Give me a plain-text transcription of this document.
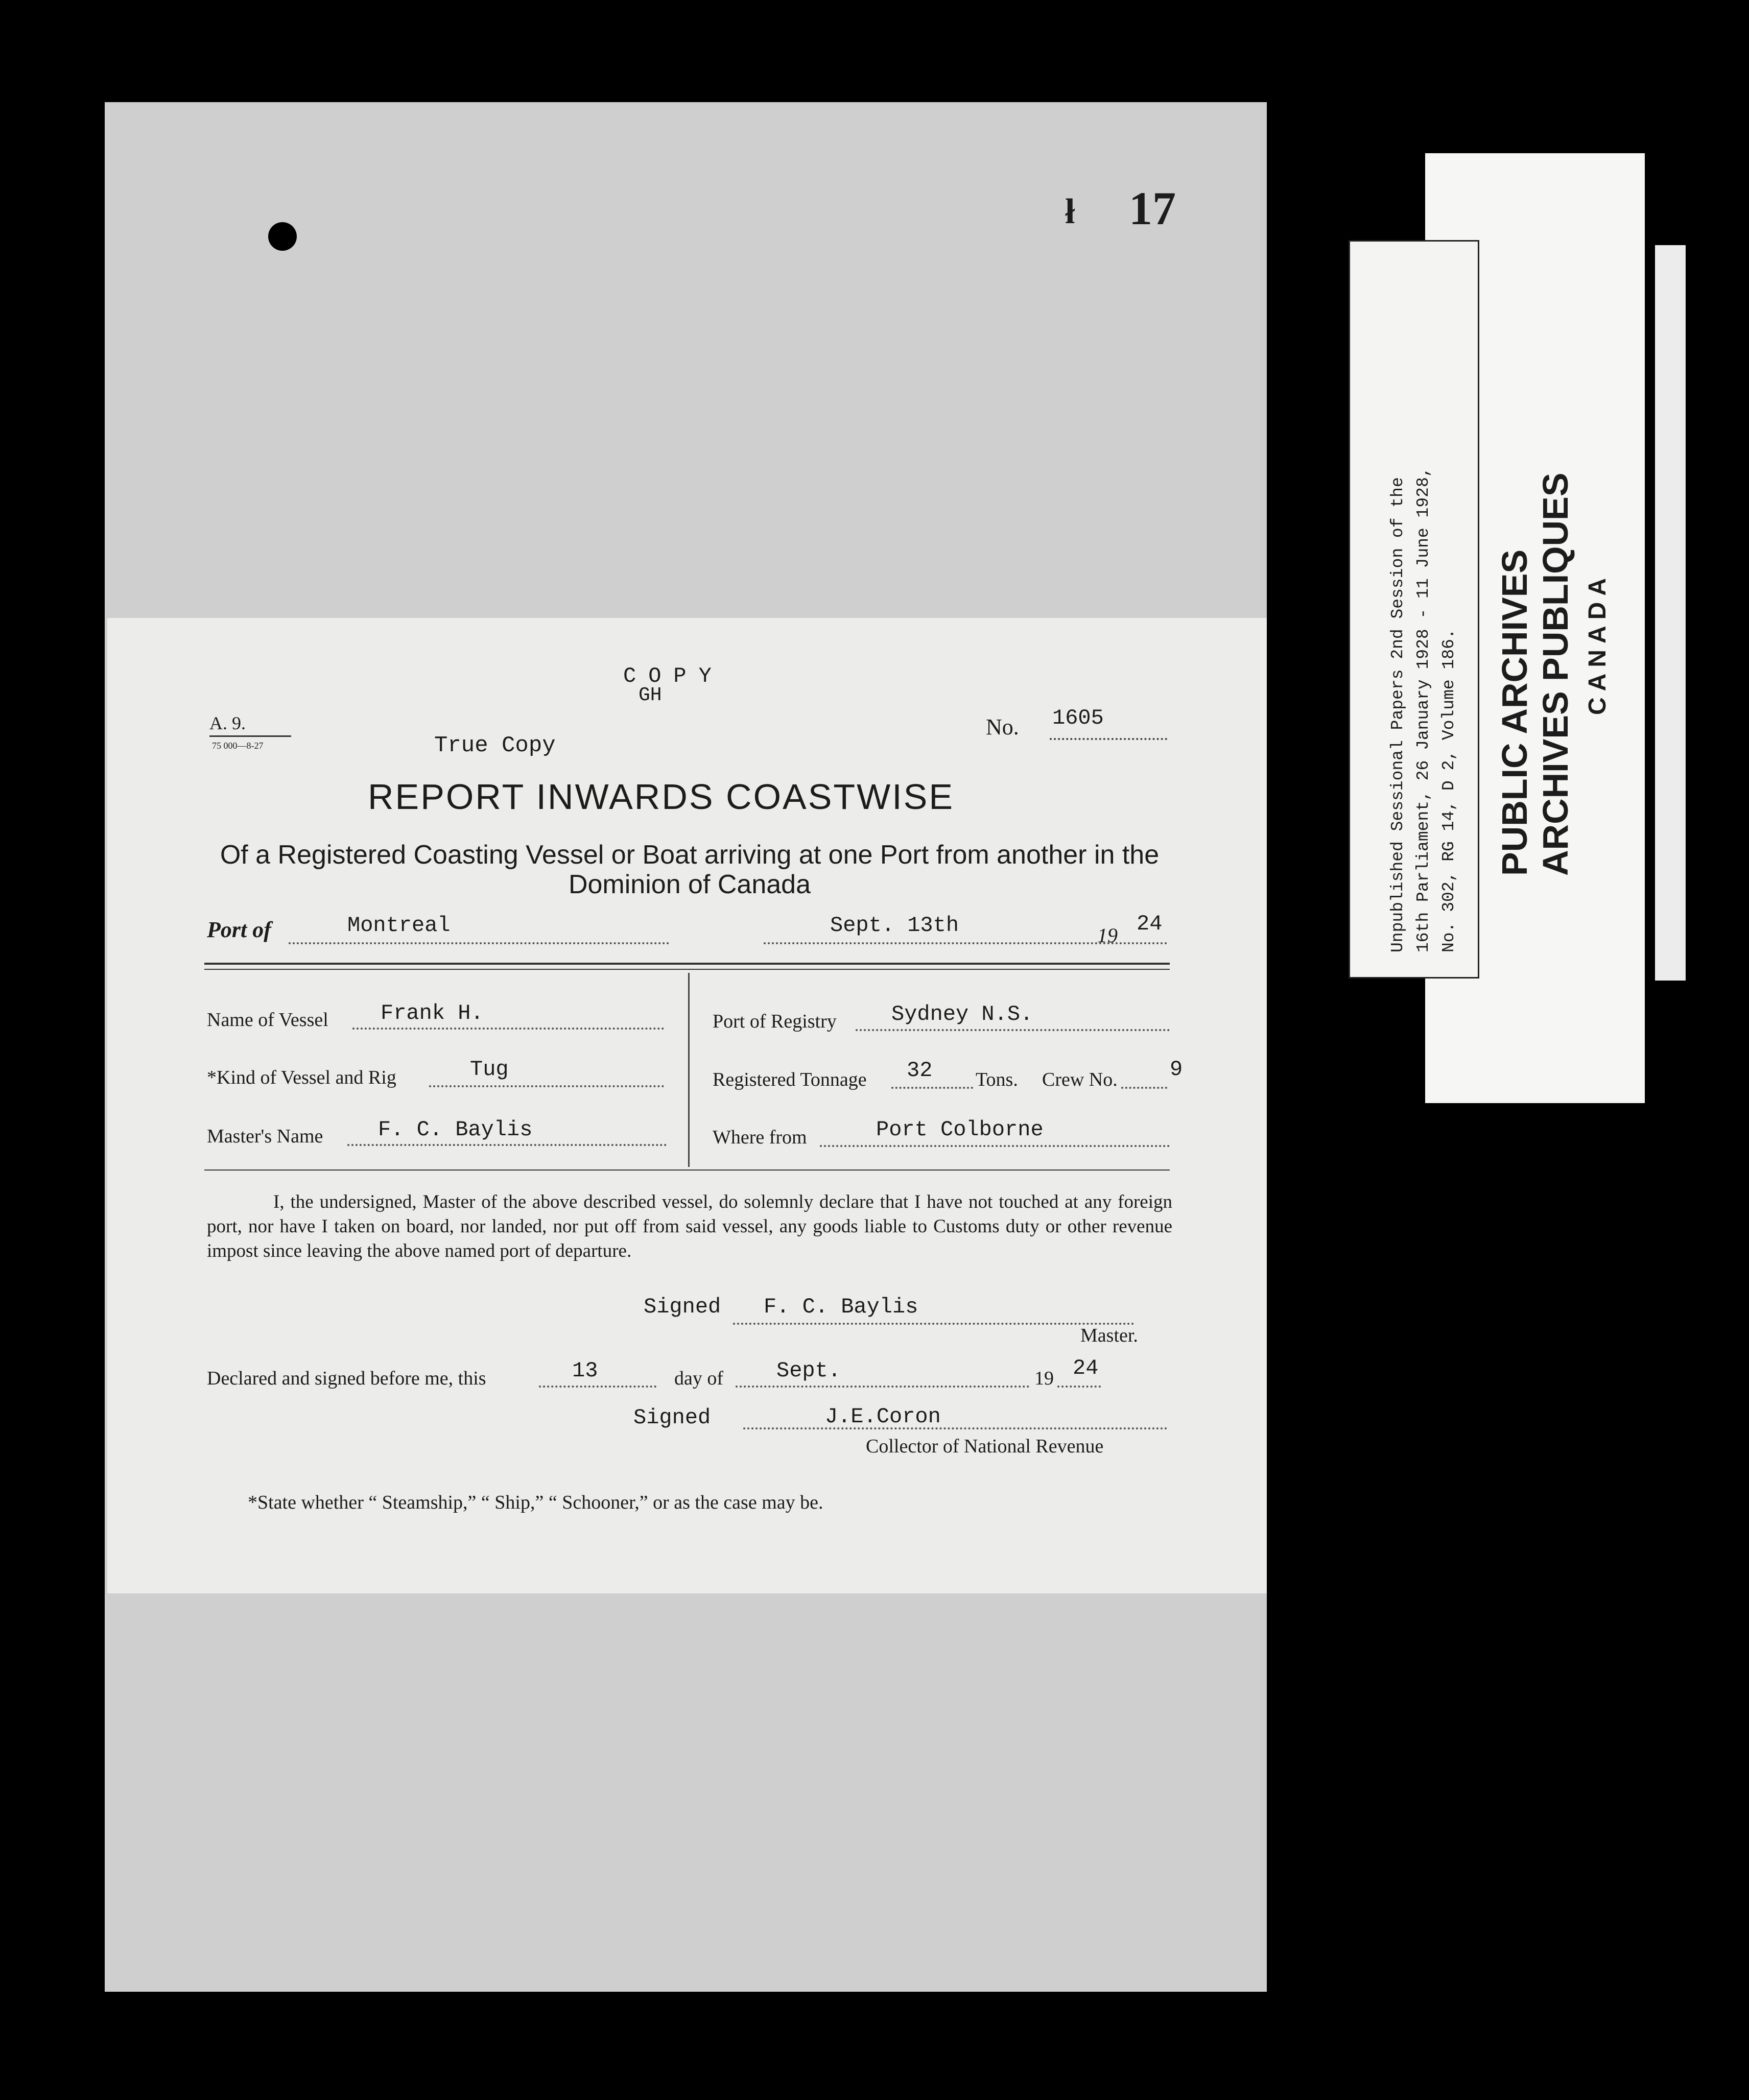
ł 17
COPY
GH
A. 9.
75 000—8-27	True Copy
No. 1605
REPORT INWARDS COASTWISE
Of a Registered Coasting Vessel or Boat arriving at one Port from another in the Dominion of Canada
Port of	Montreal	Sept. 13th	19 24
Name of Vessel Frank H.
*Kind of Vessel and Rig	Tug
Master's Name	F. C. Baylis
Port of Registry	Sydney N.S.
Registered Tonnage 32 Tons. Crew No. 9
Where from	Port Colborne
I, the undersigned, Master of the above described vessel, do solemnly declare that I have not touched at any foreign port, nor have I taken on board, nor landed, nor put off from said vessel, any goods liable to Customs duty or other revenue impost since leaving the above named port of departure.
Signed F. C. Baylis
Master.
Declared and signed before me, this	13	day of Sept.	19 24
Signed	J.E.Coron
Collector of National Revenue
*State whether “ Steamship,” “ Ship,” “ Schooner,” or as the case may be.
Unpublished Sessional Papers 2nd Session of the 16th Parliament, 26 January 1928 - 11 June 1928, No. 302, RG 14, D 2, Volume 186. PUBLIC ARCHIVES ARCHIVES PUBLIQUES CANADA
